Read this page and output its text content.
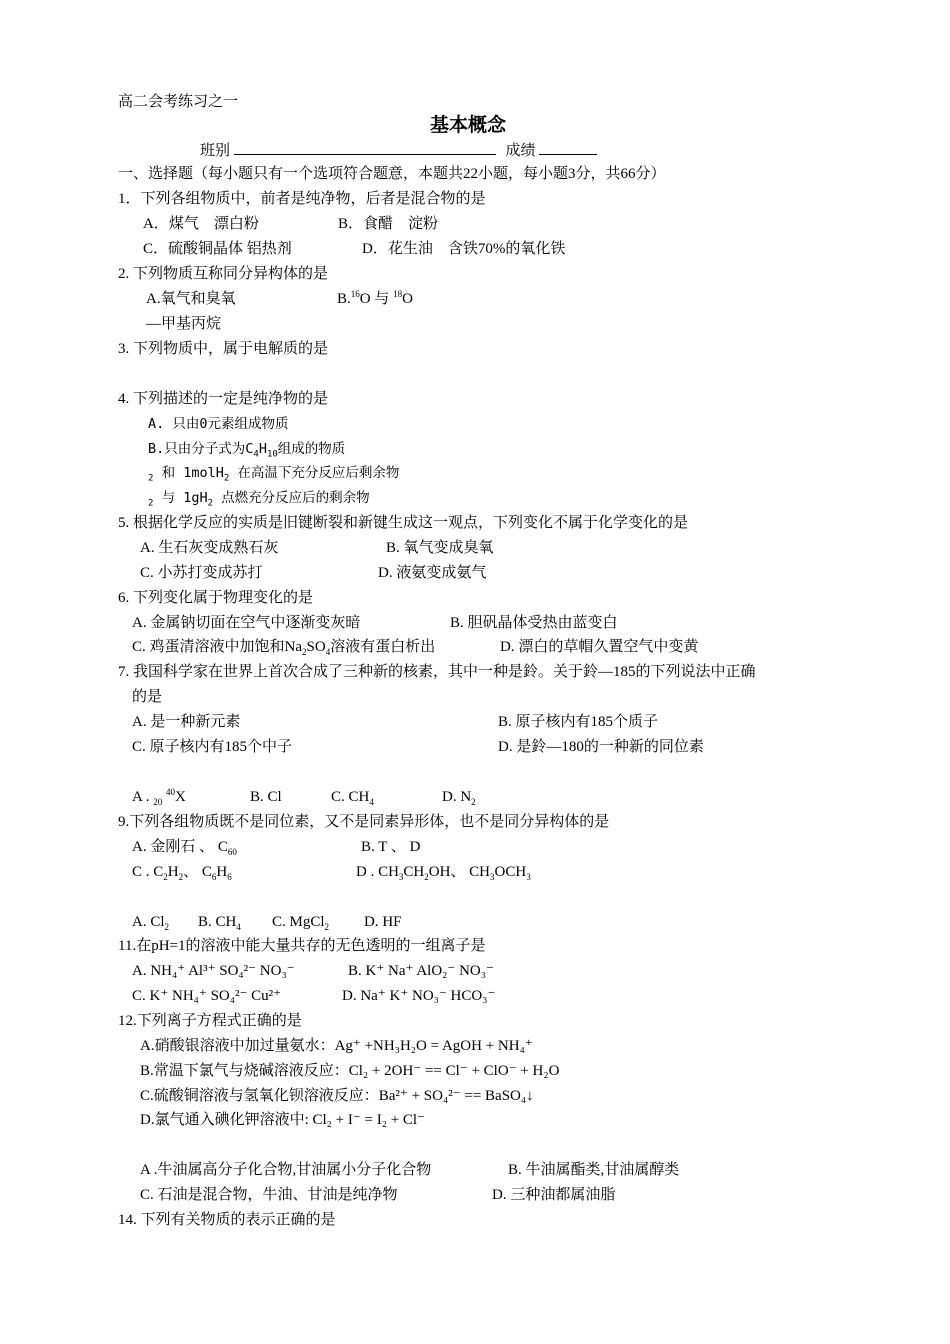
高二会考练习之一
基本概念
班别	成绩
一、选择题（每小题只有一个选项符合题意，本题共22小题，每小题3分，共66分）
1．下列各组物质中，前者是纯净物，后者是混合物的是
A．煤气　漂白粉	B．食醋　淀粉
C．硫酸铜晶体 铝热剂	D．花生油　含铁70%的氧化铁
2. 下列物质互称同分异构体的是
A.氧气和臭氧	B.$^{16}$O 与 $^{18}$O
—甲基丙烷
3. 下列物质中，属于电解质的是
4. 下列描述的一定是纯净物的是
A. 只由0元素组成物质
B.只由分子式为$C_4H_{10}$组成的物质
$_2$ 和 1molH$_2$ 在高温下充分反应后剩余物
$_2$ 与 $1gH_2$ 点燃充分反应后的剩余物
5. 根据化学反应的实质是旧键断裂和新键生成这一观点，下列变化不属于化学变化的是
A. 生石灰变成熟石灰	B. 氧气变成臭氧
C. 小苏打变成苏打	D. 液氨变成氨气
6. 下列变化属于物理变化的是
A. 金属钠切面在空气中逐渐变灰暗	B. 胆矾晶体受热由蓝变白
C. 鸡蛋清溶液中加饱和$Na_2SO_4$溶液有蛋白析出	D. 漂白的草帽久置空气中变黄
7. 我国科学家在世界上首次合成了三种新的核素，其中一种是鈴。关于鈴—185的下列说法中正确
的是
A. 是一种新元素	B. 原子核内有185个质子
C. 原子核内有185个中子	D. 是鈴—180的一种新的同位素
A . $_{20}$ $^{40}$X	B. Cl	C. $CH_4$	D. $N_2$
9.下列各组物质既不是同位素，又不是同素异形体，也不是同分异构体的是
A. 金刚石 、 $C_{60}$	B. T 、 D
C . $C_2H_2$、 $C_6H_6$	D . $CH_3CH_2OH$、 $CH_3OCH_3$
A. $Cl_2$ B. $CH_4$ C. MgCl$_2$ D. HF
11.在pH=1的溶液中能大量共存的无色透明的一组离子是
A. NH₄⁺ Al³⁺ SO₄²⁻ NO₃⁻	B. K⁺ Na⁺ AlO₂⁻ NO₃⁻
C. K⁺ NH₄⁺ SO₄²⁻ Cu²⁺	D. Na⁺ K⁺ NO₃⁻ HCO₃⁻
12.下列离子方程式正确的是
A.硝酸银溶液中加过量氨水：Ag⁺ +NH₃H₂O = AgOH + NH₄⁺
B.常温下氯气与烧碱溶液反应：Cl₂ + 2OH⁻ == Cl⁻ + ClO⁻ + H₂O
C.硫酸铜溶液与氢氧化钡溶液反应：Ba²⁺ + SO₄²⁻ == BaSO₄↓
D.氯气通入碘化钾溶液中: Cl₂ + I⁻ = I₂ + Cl⁻
A .牛油属高分子化合物,甘油属小分子化合物	B. 牛油属酯类,甘油属醇类
C. 石油是混合物，牛油、甘油是纯净物	D. 三种油都属油脂
14. 下列有关物质的表示正确的是
